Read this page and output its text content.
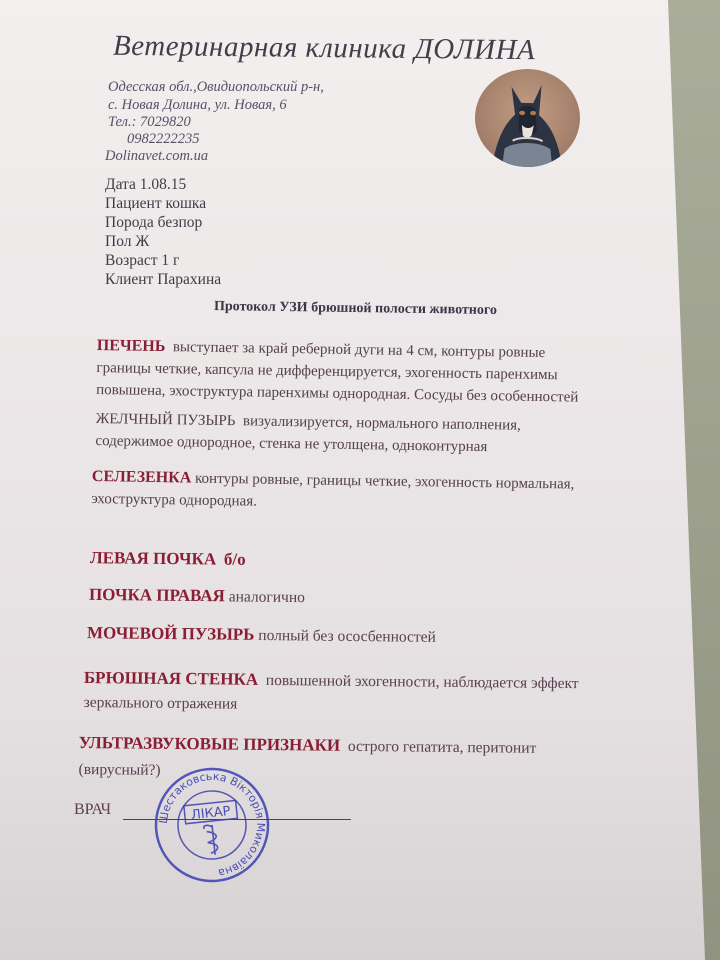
Ветеринарная клиника ДОЛИНА
Одесская обл.,Овидиопольский р-н,
с. Новая Долина, ул. Новая, 6
Тел.: 7029820
0982222235
Dolinavet.com.ua
Дата 1.08.15
Пациент кошка
Порода безпор
Пол Ж
Возраст 1 г
Клиент Парахина
Протокол УЗИ брюшной полости животного
ПЕЧЕНЬ выступает за край реберной дуги на 4 см, контуры ровные
границы четкие, капсула не дифференцируется, эхогенность паренхимы
повышена, эхоструктура паренхимы однородная. Сосуды без особенностей
ЖЕЛЧНЫЙ ПУЗЫРЬ визуализируется, нормального наполнения,
содержимое однородное, стенка не утолщена, одноконтурная
СЕЛЕЗЕНКА контуры ровные, границы четкие, эхогенность нормальная,
эхоструктура однородная.
ЛЕВАЯ ПОЧКА б/о
ПОЧКА ПРАВАЯ аналогично
МОЧЕВОЙ ПУЗЫРЬ полный без ососбенностей
БРЮШНАЯ СТЕНКА повышенной эхогенности, наблюдается эффект
зеркального отражения
УЛЬТРАЗВУКОВЫЕ ПРИЗНАКИ острого гепатита, перитонит
(вирусный?)
ВРАЧ	Шестаковська Вікторія Миколаївна
ЛІКАР
